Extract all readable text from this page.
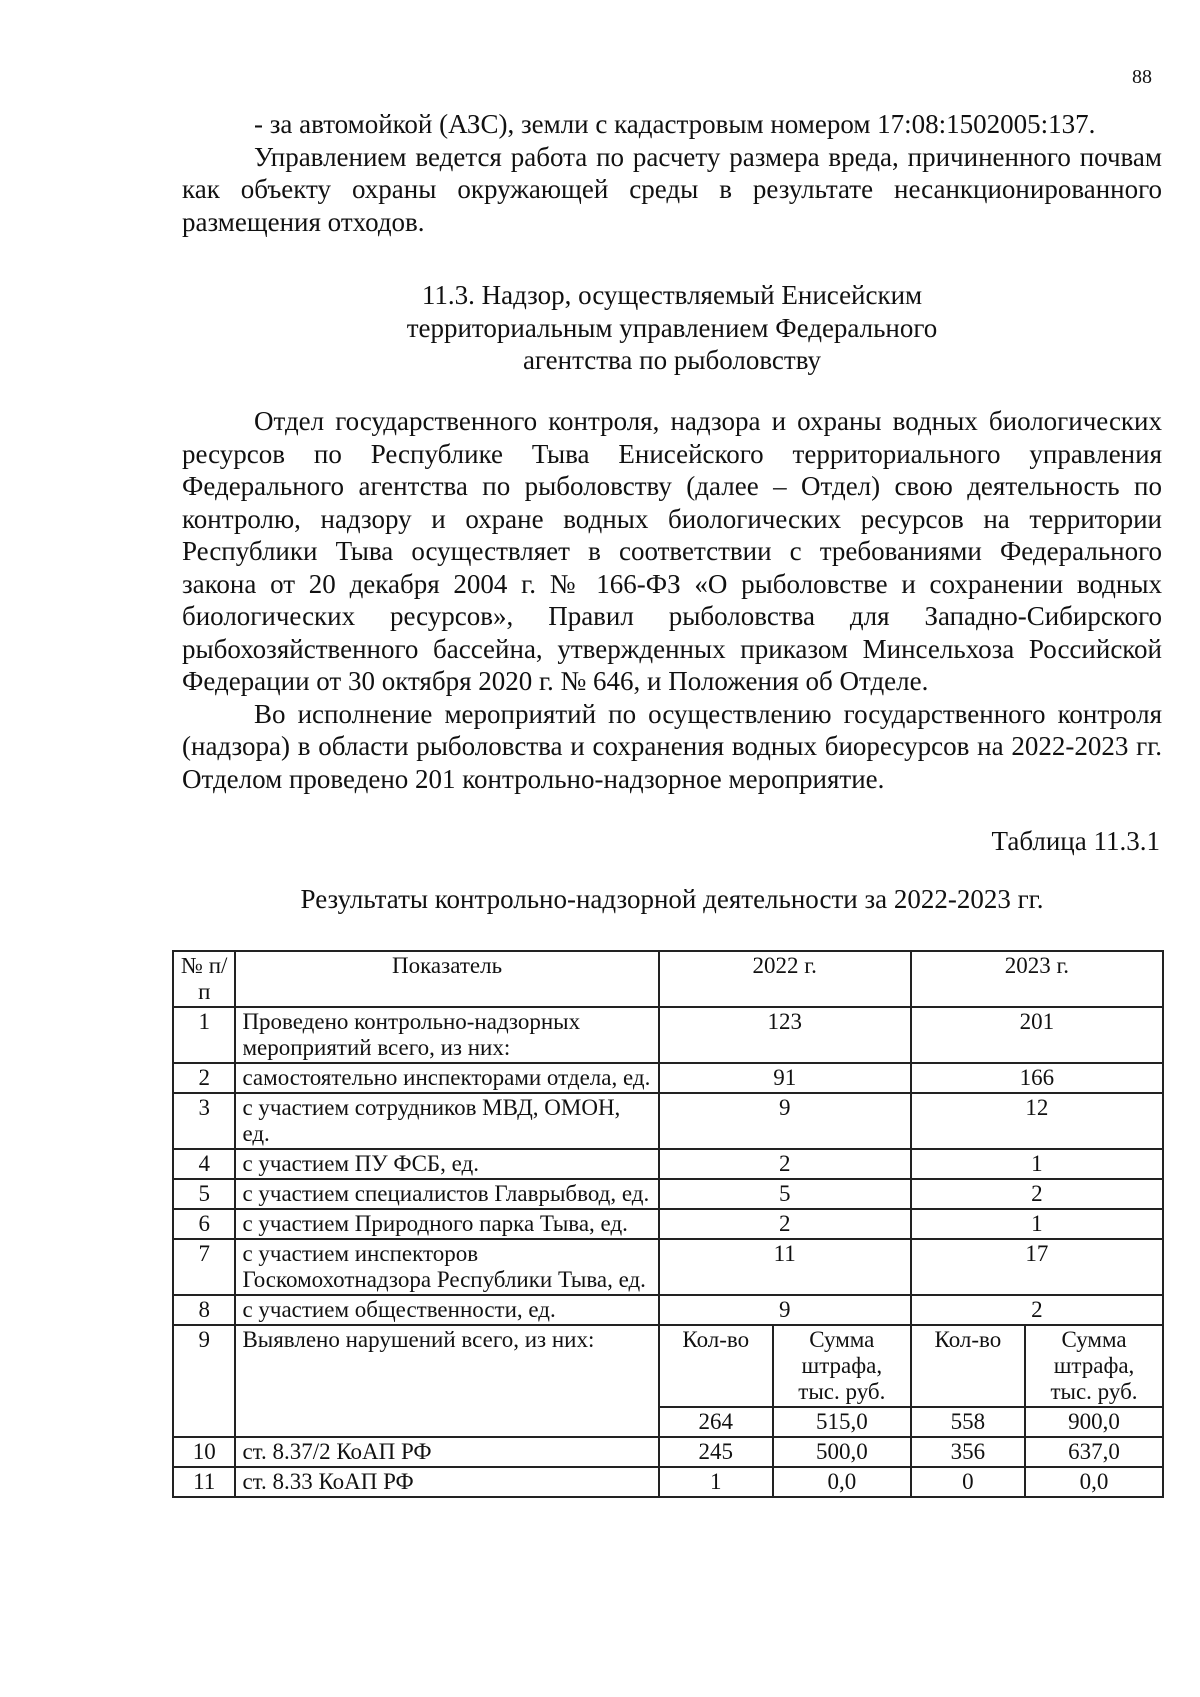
88

- за автомойкой (АЗС), земли с кадастровым номером 17:08:1502005:137.

Управлением ведется работа по расчету размера вреда, причиненного почвам как объекту охраны окружающей среды в результате несанкционированного размещения отходов.

11.3. Надзор, осуществляемый Енисейским
территориальным управлением Федерального
агентства по рыболовству

Отдел государственного контроля, надзора и охраны водных биологических ресурсов по Республике Тыва Енисейского территориального управления Федерального агентства по рыболовству (далее – Отдел) свою деятельность по контролю, надзору и охране водных биологических ресурсов на территории Республики Тыва осуществляет в соответствии с требованиями Федерального закона от 20 декабря 2004 г. № 166-ФЗ «О рыболовстве и сохранении водных биологических ресурсов», Правил рыболовства для Западно-Сибирского рыбохозяйственного бассейна, утвержденных приказом Минсельхоза Российской Федерации от 30 октября 2020 г. № 646, и Положения об Отделе.

Во исполнение мероприятий по осуществлению государственного контроля (надзора) в области рыболовства и сохранения водных биоресурсов на 2022-2023 гг. Отделом проведено 201 контрольно-надзорное мероприятие.

Таблица 11.3.1
Результаты контрольно-надзорной деятельности за 2022-2023 гг.
№ п/п	Показатель	2022 г.		2023 г.	
1	Проведено контрольно-надзорных мероприятий всего, из них:	123		201	
2	самостоятельно инспекторами отдела, ед.	91		166	
3	с участием сотрудников МВД, ОМОН, ед.	9		12	
4	с участием ПУ ФСБ, ед.	2		1	
5	с участием специалистов Главрыбвод, ед.	5		2	
6	с участием Природного парка Тыва, ед.	2		1	
7	с участием инспекторов Госкомохотнадзора Республики Тыва, ед.	11		17	
8	с участием общественности, ед.	9		2	
9	Выявлено нарушений всего, из них:	Кол-во	Сумма штрафа, тыс. руб.	Кол-во	Сумма штрафа, тыс. руб.
		264	515,0	558	900,0
10	ст. 8.37/2 КоАП РФ	245	500,0	356	637,0
11	ст. 8.33 КоАП РФ	1	0,0	0	0,0
